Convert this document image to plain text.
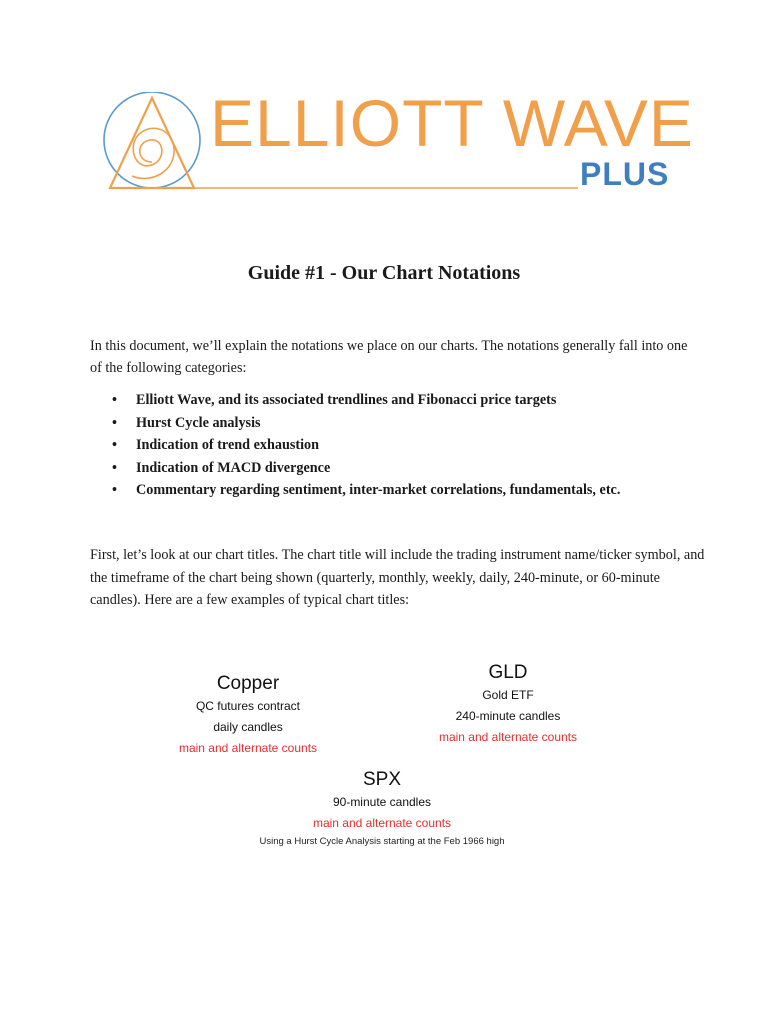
ELLIOTT WAVE
PLUS
Guide #1 - Our Chart Notations

In this document, we’ll explain the notations we place on our charts. The notations generally fall into one of the following categories:

• Elliott Wave, and its associated trendlines and Fibonacci price targets
• Hurst Cycle analysis
• Indication of trend exhaustion
• Indication of MACD divergence
• Commentary regarding sentiment, inter-market correlations, fundamentals, etc.

First, let’s look at our chart titles. The chart title will include the trading instrument name/ticker symbol, and the timeframe of the chart being shown (quarterly, monthly, weekly, daily, 240-minute, or 60-minute candles). Here are a few examples of typical chart titles:

Copper
QC futures contract
daily candles
main and alternate counts
GLD
Gold ETF
240-minute candles
main and alternate counts
SPX
90-minute candles
main and alternate counts
Using a Hurst Cycle Analysis starting at the Feb 1966 high
